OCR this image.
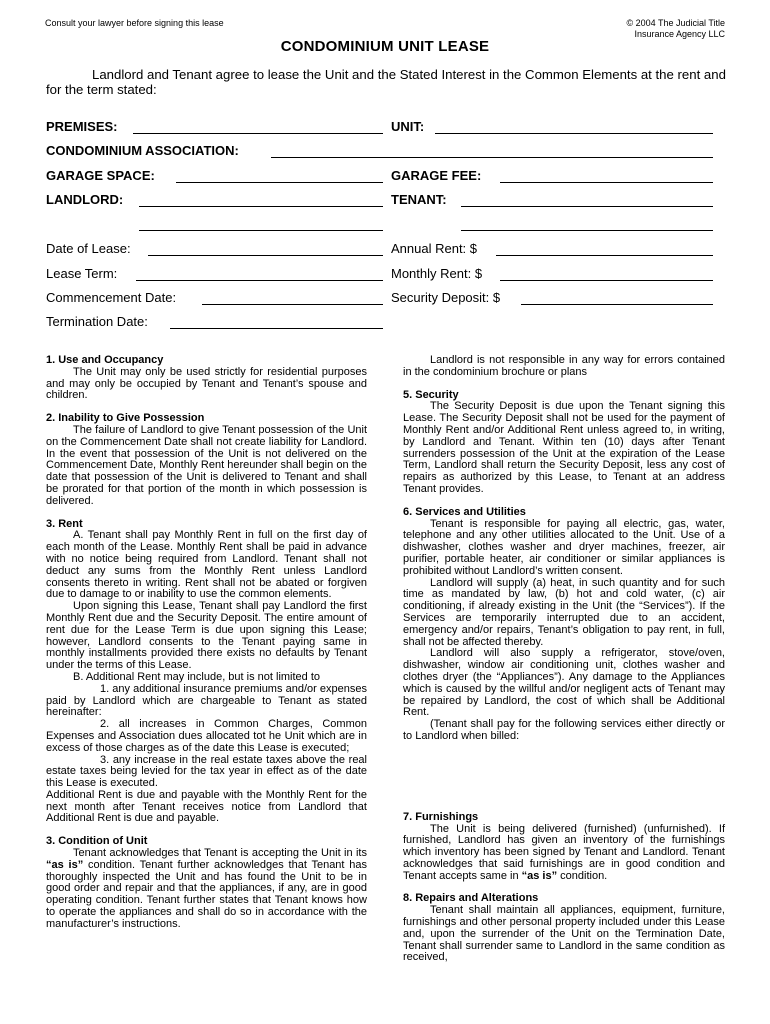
Consult your lawyer before signing this lease	© 2004 The Judicial Title
Insurance Agency LLC
CONDOMINIUM UNIT LEASE
Landlord and Tenant agree to lease the Unit and the Stated Interest in the Common Elements at the rent and for the term stated:
PREMISES:	UNIT:
CONDOMINIUM ASSOCIATION:
GARAGE SPACE:	GARAGE FEE:
LANDLORD:	TENANT:
Date of Lease:	Annual Rent: $
Lease Term:	Monthly Rent: $
Commencement Date:	Security Deposit: $
Termination Date:

1. Use and Occupancy

The Unit may only be used strictly for residential purposes and may only be occupied by Tenant and Tenant’s spouse and children.

2. Inability to Give Possession

The failure of Landlord to give Tenant possession of the Unit on the Commencement Date shall not create liability for Landlord. In the event that possession of the Unit is not delivered on the Commencement Date, Monthly Rent hereunder shall begin on the date that possession of the Unit is delivered to Tenant and shall be prorated for that portion of the month in which possession is delivered.

3. Rent

A. Tenant shall pay Monthly Rent in full on the first day of each month of the Lease. Monthly Rent shall be paid in advance with no notice being required from Landlord. Tenant shall not deduct any sums from the Monthly Rent unless Landlord consents thereto in writing. Rent shall not be abated or forgiven due to damage to or inability to use the common elements.

Upon signing this Lease, Tenant shall pay Landlord the first Monthly Rent due and the Security Deposit. The entire amount of rent due for the Lease Term is due upon signing this Lease; however, Landlord consents to the Tenant paying same in monthly installments provided there exists no defaults by Tenant under the terms of this Lease.

B. Additional Rent may include, but is not limited to

1. any additional insurance premiums and/or expenses paid by Landlord which are chargeable to Tenant as stated hereinafter:

2. all increases in Common Charges, Common Expenses and Association dues allocated tot he Unit which are in excess of those charges as of the date this Lease is executed;

3. any increase in the real estate taxes above the real estate taxes being levied for the tax year in effect as of the date this Lease is executed.

Additional Rent is due and payable with the Monthly Rent for the next month after Tenant receives notice from Landlord that Additional Rent is due and payable.

3. Condition of Unit

Tenant acknowledges that Tenant is accepting the Unit in its “as is” condition. Tenant further acknowledges that Tenant has thoroughly inspected the Unit and has found the Unit to be in good order and repair and that the appliances, if any, are in good operating condition. Tenant further states that Tenant knows how to operate the appliances and shall do so in accordance with the manufacturer’s instructions.

Landlord is not responsible in any way for errors contained in the condominium brochure or plans

5. Security

The Security Deposit is due upon the Tenant signing this Lease. The Security Deposit shall not be used for the payment of Monthly Rent and/or Additional Rent unless agreed to, in writing, by Landlord and Tenant. Within ten (10) days after Tenant surrenders possession of the Unit at the expiration of the Lease Term, Landlord shall return the Security Deposit, less any cost of repairs as authorized by this Lease, to Tenant at an address Tenant provides.

6. Services and Utilities

Tenant is responsible for paying all electric, gas, water, telephone and any other utilities allocated to the Unit. Use of a dishwasher, clothes washer and dryer machines, freezer, air purifier, portable heater, air conditioner or similar appliances is prohibited without Landlord’s written consent.

Landlord will supply (a) heat, in such quantity and for such time as mandated by law, (b) hot and cold water, (c) air conditioning, if already existing in the Unit (the “Services”). If the Services are temporarily interrupted due to an accident, emergency and/or repairs, Tenant’s obligation to pay rent, in full, shall not be affected thereby.

Landlord will also supply a refrigerator, stove/oven, dishwasher, window air conditioning unit, clothes washer and clothes dryer (the “Appliances”). Any damage to the Appliances which is caused by the willful and/or negligent acts of Tenant may be repaired by Landlord, the cost of which shall be Additional Rent.

(Tenant shall pay for the following services either directly or to Landlord when billed:

7. Furnishings

The Unit is being delivered (furnished) (unfurnished). If furnished, Landlord has given an inventory of the furnishings which inventory has been signed by Tenant and Landlord. Tenant acknowledges that said furnishings are in good condition and Tenant accepts same in “as is” condition.

8. Repairs and Alterations

Tenant shall maintain all appliances, equipment, furniture, furnishings and other personal property included under this Lease and, upon the surrender of the Unit on the Termination Date, Tenant shall surrender same to Landlord in the same condition as received,
